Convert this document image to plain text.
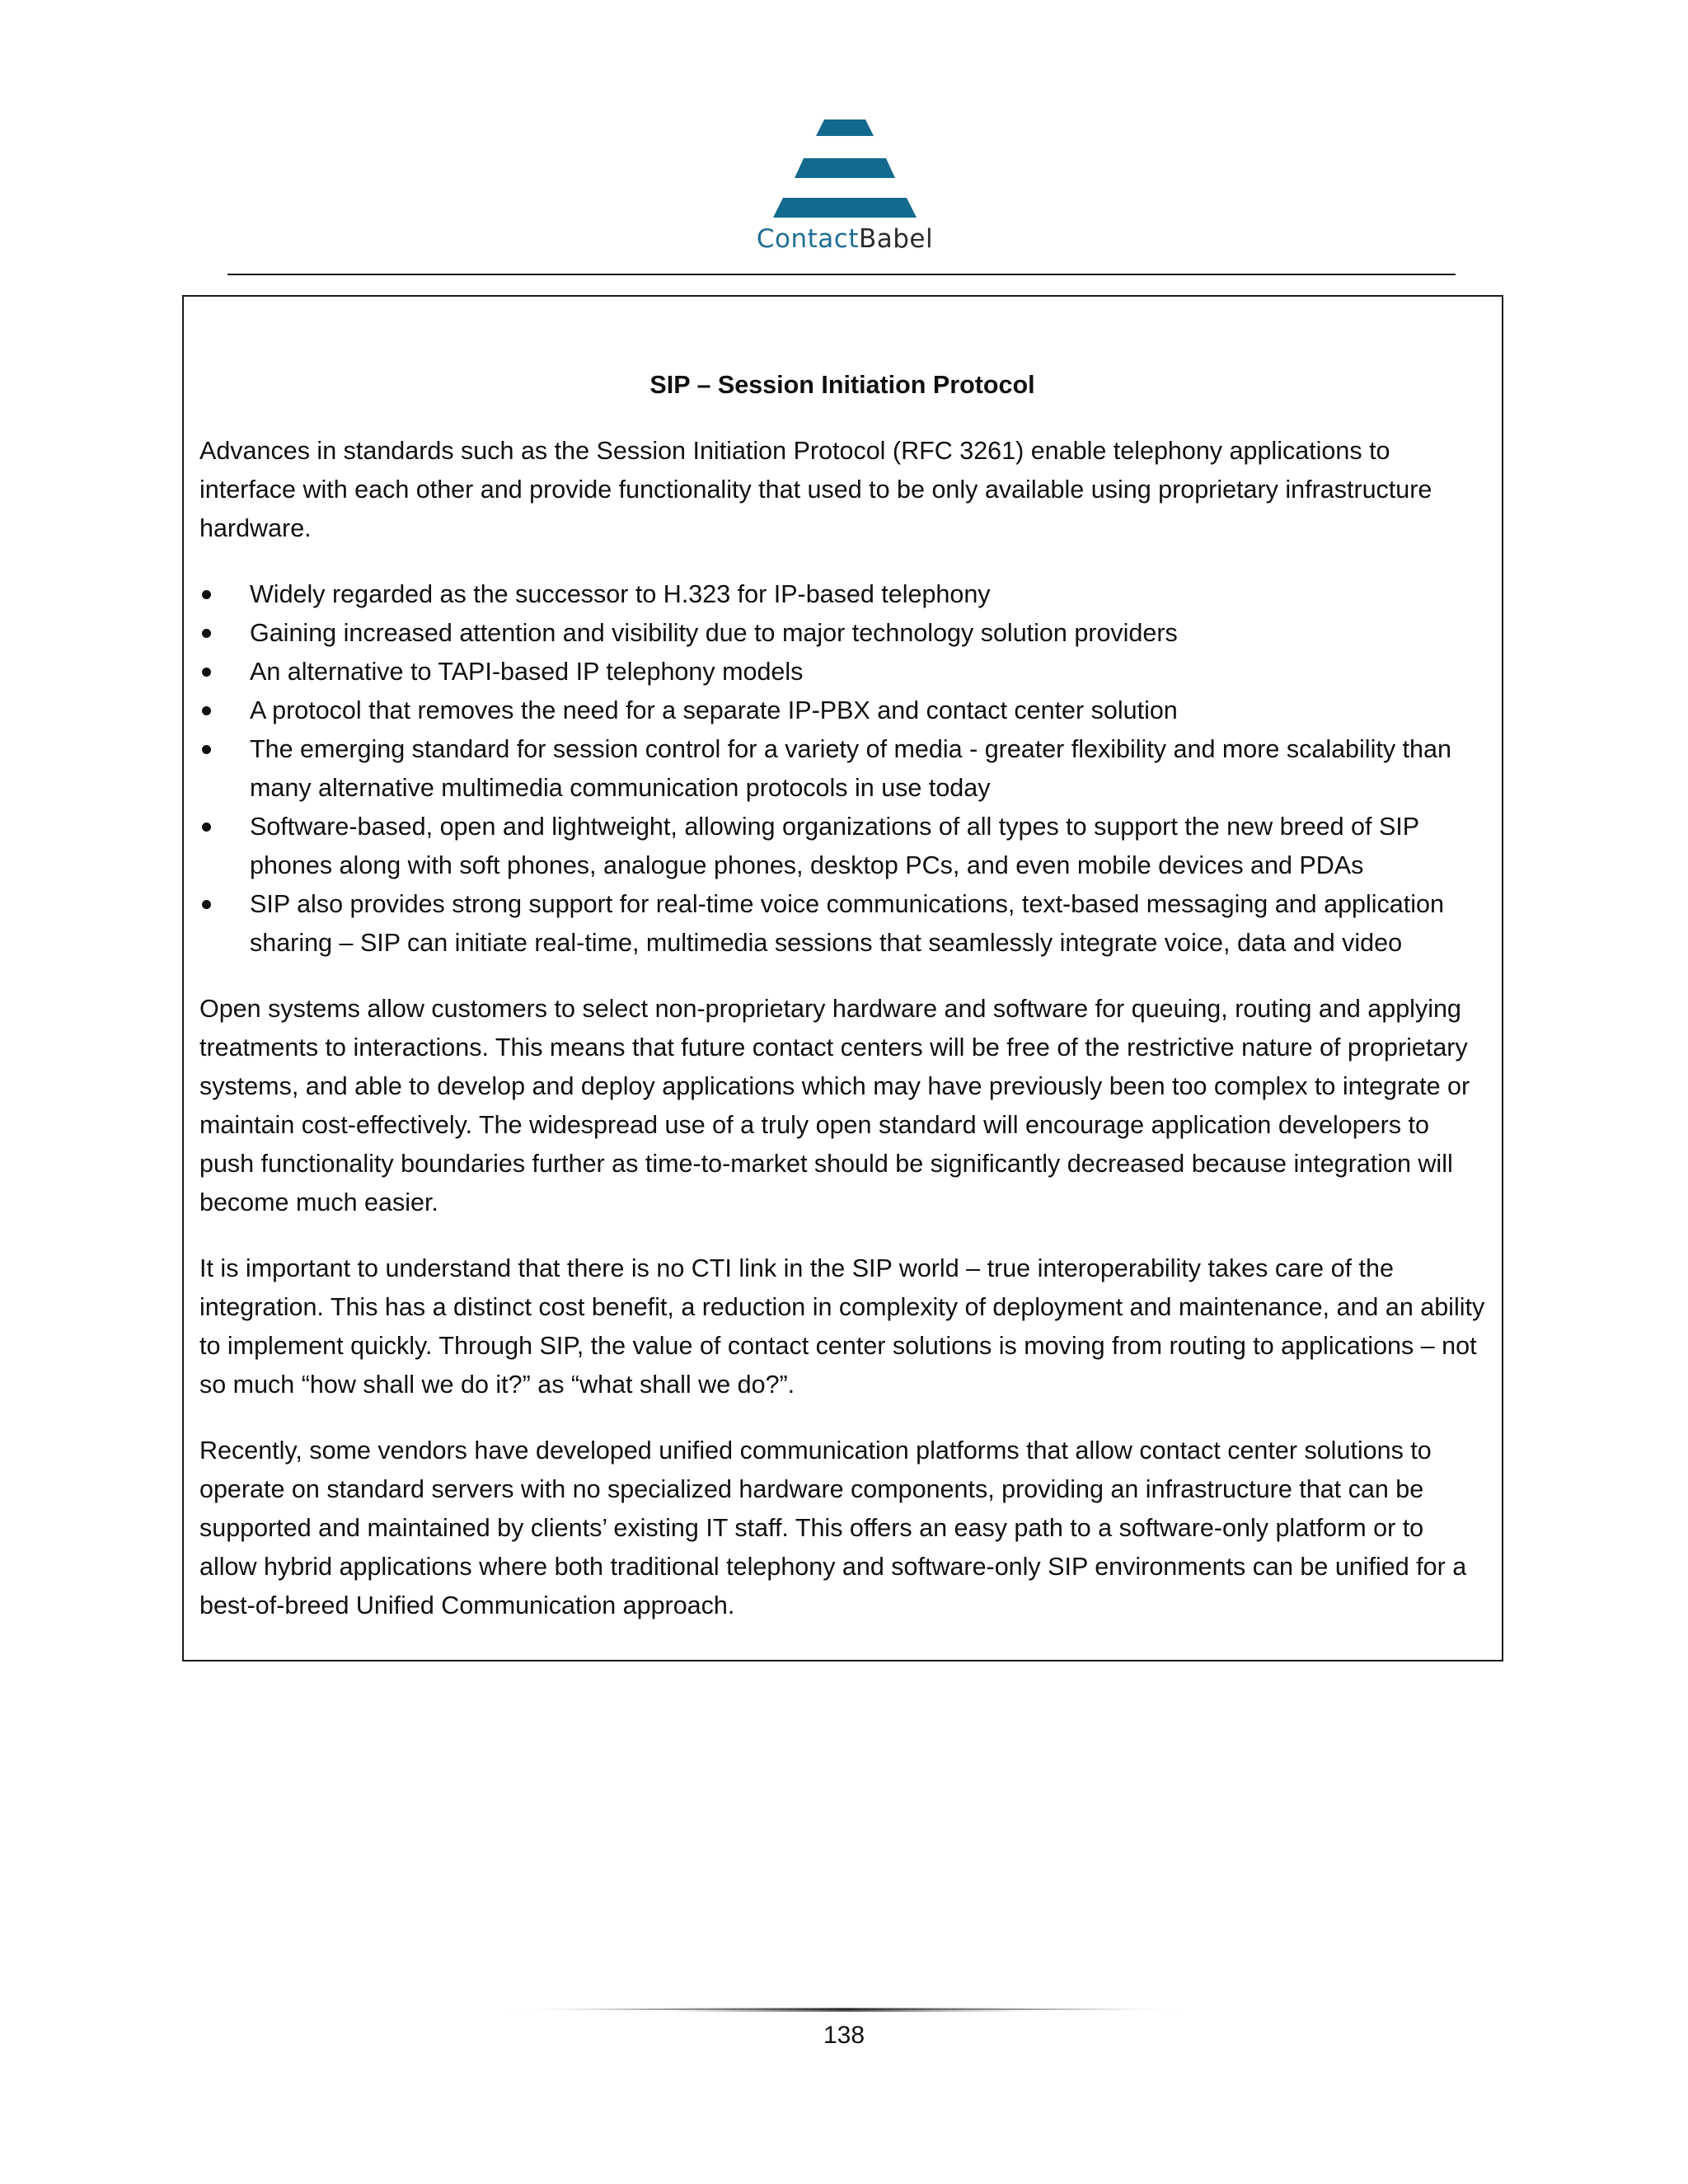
ContactBabel
SIP – Session Initiation Protocol

Advances in standards such as the Session Initiation Protocol (RFC 3261) enable telephony applications to interface with each other and provide functionality that used to be only available using proprietary infrastructure hardware.

Widely regarded as the successor to H.323 for IP-based telephony
Gaining increased attention and visibility due to major technology solution providers
An alternative to TAPI-based IP telephony models
A protocol that removes the need for a separate IP-PBX and contact center solution
The emerging standard for session control for a variety of media - greater flexibility and more scalability than many alternative multimedia communication protocols in use today
Software-based, open and lightweight, allowing organizations of all types to support the new breed of SIP phones along with soft phones, analogue phones, desktop PCs, and even mobile devices and PDAs
SIP also provides strong support for real-time voice communications, text-based messaging and application sharing – SIP can initiate real-time, multimedia sessions that seamlessly integrate voice, data and video

Open systems allow customers to select non-proprietary hardware and software for queuing, routing and applying treatments to interactions. This means that future contact centers will be free of the restrictive nature of proprietary systems, and able to develop and deploy applications which may have previously been too complex to integrate or maintain cost-effectively. The widespread use of a truly open standard will encourage application developers to push functionality boundaries further as time-to-market should be significantly decreased because integration will become much easier.

It is important to understand that there is no CTI link in the SIP world – true interoperability takes care of the integration. This has a distinct cost benefit, a reduction in complexity of deployment and maintenance, and an ability to implement quickly. Through SIP, the value of contact center solutions is moving from routing to applications – not so much “how shall we do it?” as “what shall we do?”.

Recently, some vendors have developed unified communication platforms that allow contact center solutions to operate on standard servers with no specialized hardware components, providing an infrastructure that can be supported and maintained by clients’ existing IT staff. This offers an easy path to a software-only platform or to allow hybrid applications where both traditional telephony and software-only SIP environments can be unified for a best-of-breed Unified Communication approach.

138
